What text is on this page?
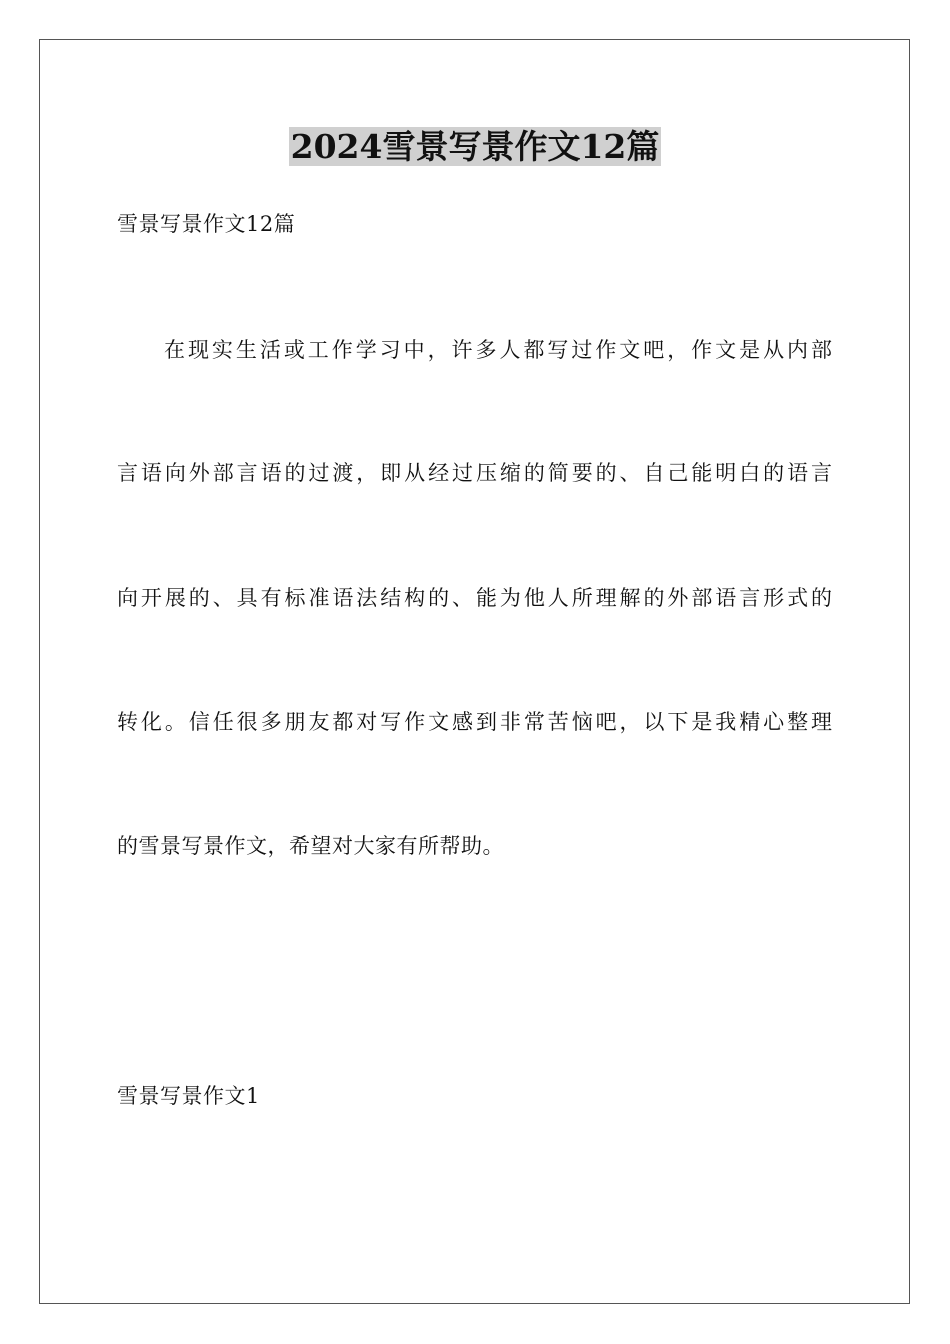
2024雪景写景作文12篇
雪景写景作文12篇
在现实生活或工作学习中，许多人都写过作文吧，作文是从内部
言语向外部言语的过渡，即从经过压缩的简要的、自己能明白的语言
向开展的、具有标准语法结构的、能为他人所理解的外部语言形式的
转化。信任很多朋友都对写作文感到非常苦恼吧，以下是我精心整理
的雪景写景作文，希望对大家有所帮助。
雪景写景作文1
